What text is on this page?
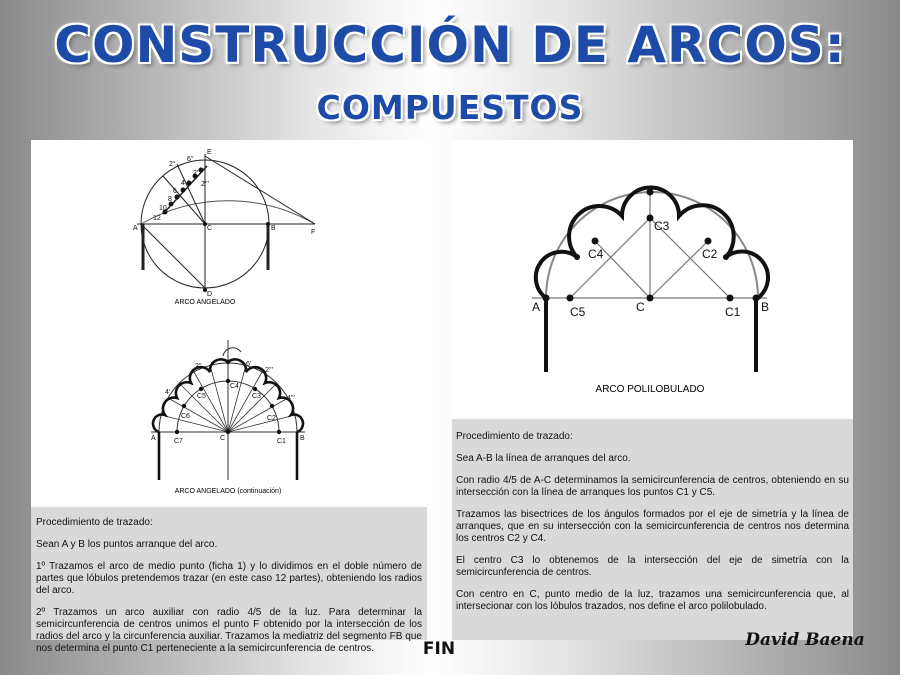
CONSTRUCCIÓN DE ARCOS:
COMPUESTOS
A	B
C
D
E
F
12
10
8
6
4
2°
6°
2''
2'''
ARCO ANGELADO
A	B
C	C1
C2
C3
C4
C5
C6
C7
2''	6'
2'''
4'
4'''
ARCO ANGELADO (continuación)

Procedimiento de trazado:

Sean A y B los puntos arranque del arco.

1º Trazamos el arco de medio punto (ficha 1) y lo dividimos en el doble número de partes que lóbulos pretendemos trazar (en este caso 12 partes), obteniendo los radios del arco.

2º Trazamos un arco auxiliar con radio 4/5 de la luz. Para determinar la semicircunferencia de centros unimos el punto F obtenido por la intersección de los radios del arco y la circunferencia auxiliar. Trazamos la mediatriz del segmento FB que nos determina el punto C1 perteneciente a la semicircunferencia de centros.

A	B
C	C1
C2
C3
C4
C5
ARCO POLILOBULADO

Procedimiento de trazado:

Sea A-B la línea de arranques del arco.

Con radio 4/5 de A-C determinamos la semicircunferencia de centros, obteniendo en su intersección con la línea de arranques los puntos C1 y C5.

Trazamos las bisectrices de los ángulos formados por el eje de simetría y la línea de arranques, que en su intersección con la semicircunferencia de centros nos determina los centros C2 y C4.

El centro C3 lo obtenemos de la intersección del eje de simetría con la semicircunferencia de centros.

Con centro en C, punto medio de la luz, trazamos una semicircunferencia que, al intersecionar con los lóbulos trazados, nos define el arco polilobulado.

FIN	David Baena
